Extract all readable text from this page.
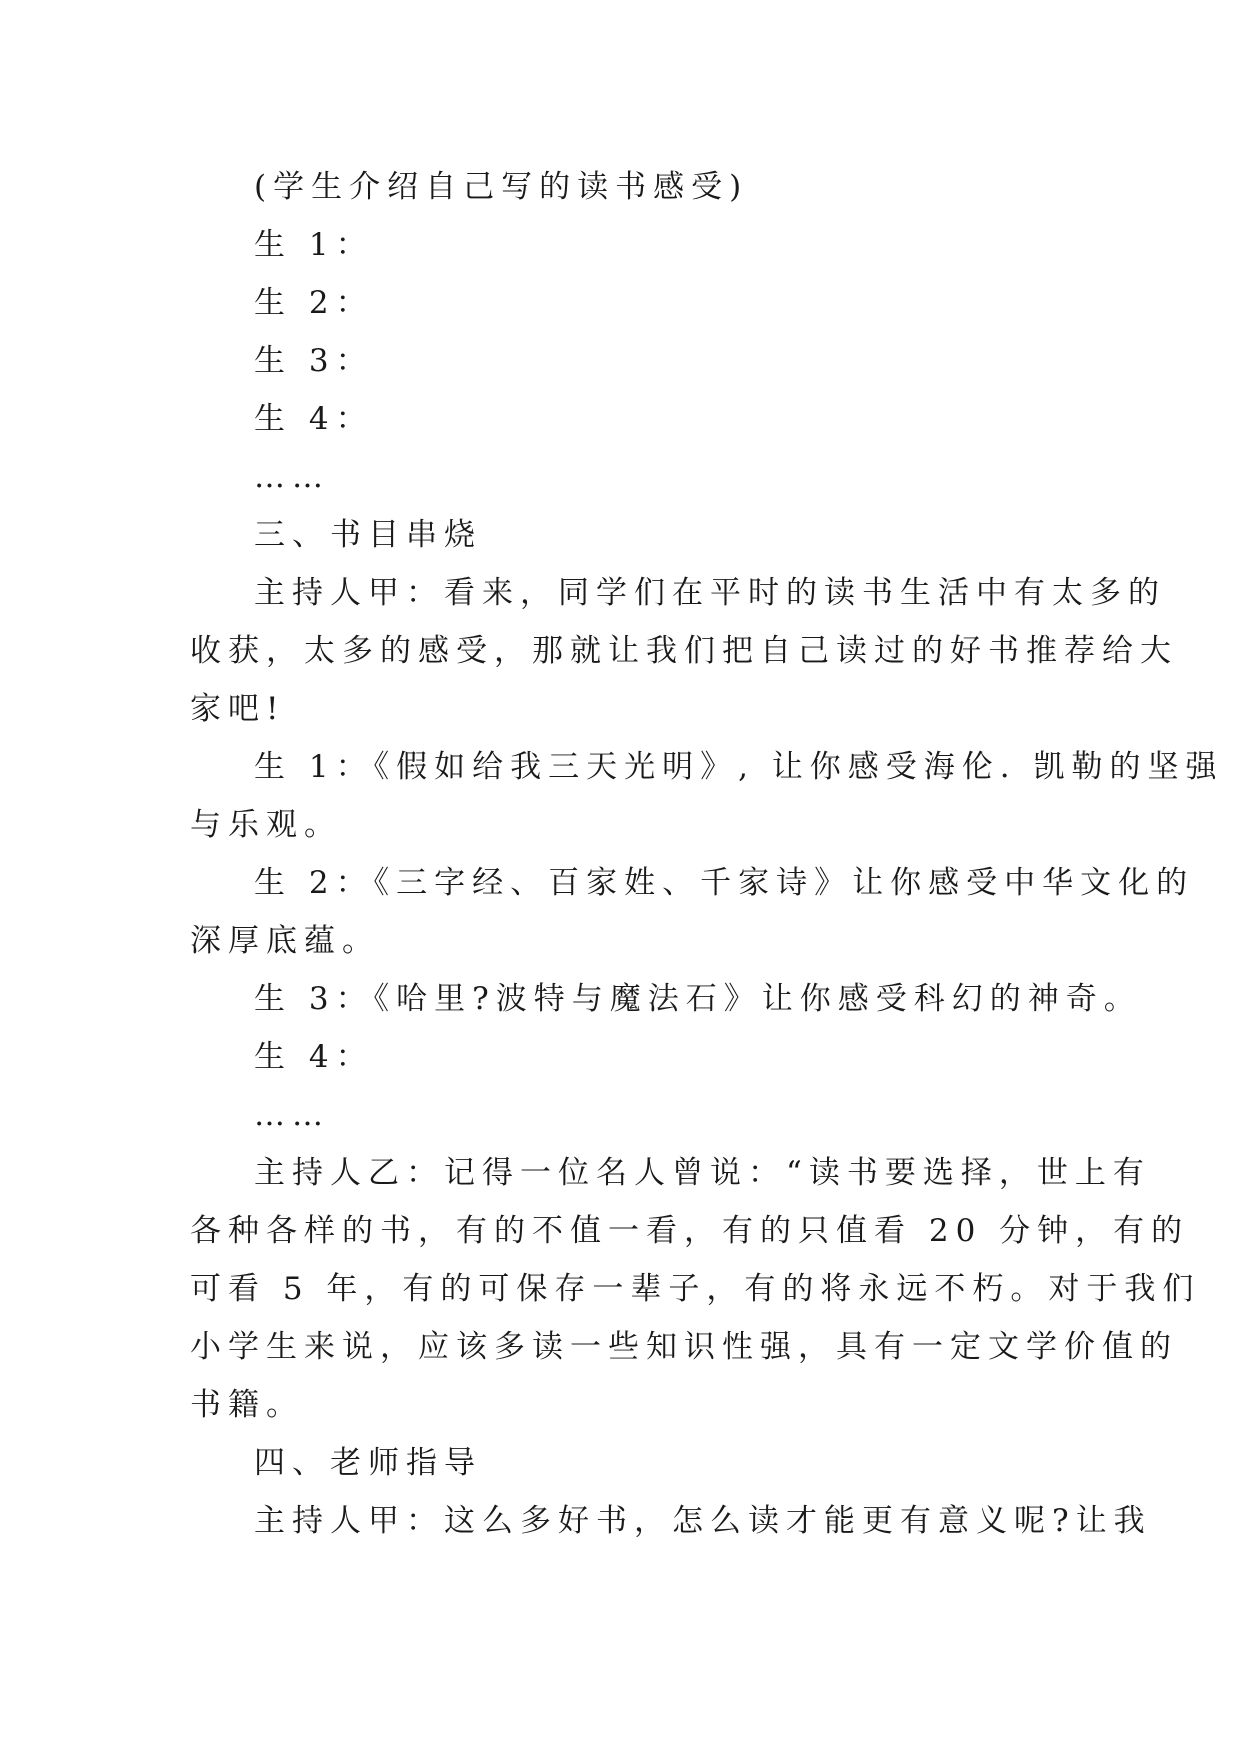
(学生介绍自己写的读书感受)
生 1：
生 2：
生 3：
生 4：
……
三、书目串烧
主持人甲：看来，同学们在平时的读书生活中有太多的
收获，太多的感受，那就让我们把自己读过的好书推荐给大
家吧!
生 1：《假如给我三天光明》, 让你感受海伦. 凯勒的坚强
与乐观。
生 2：《三字经、百家姓、千家诗》让你感受中华文化的
深厚底蕴。
生 3：《哈里?波特与魔法石》让你感受科幻的神奇。
生 4：
……
主持人乙：记得一位名人曾说：“读书要选择，世上有
各种各样的书，有的不值一看，有的只值看 20 分钟，有的
可看 5 年，有的可保存一辈子，有的将永远不朽。对于我们
小学生来说，应该多读一些知识性强，具有一定文学价值的
书籍。
四、老师指导
主持人甲：这么多好书，怎么读才能更有意义呢?让我
